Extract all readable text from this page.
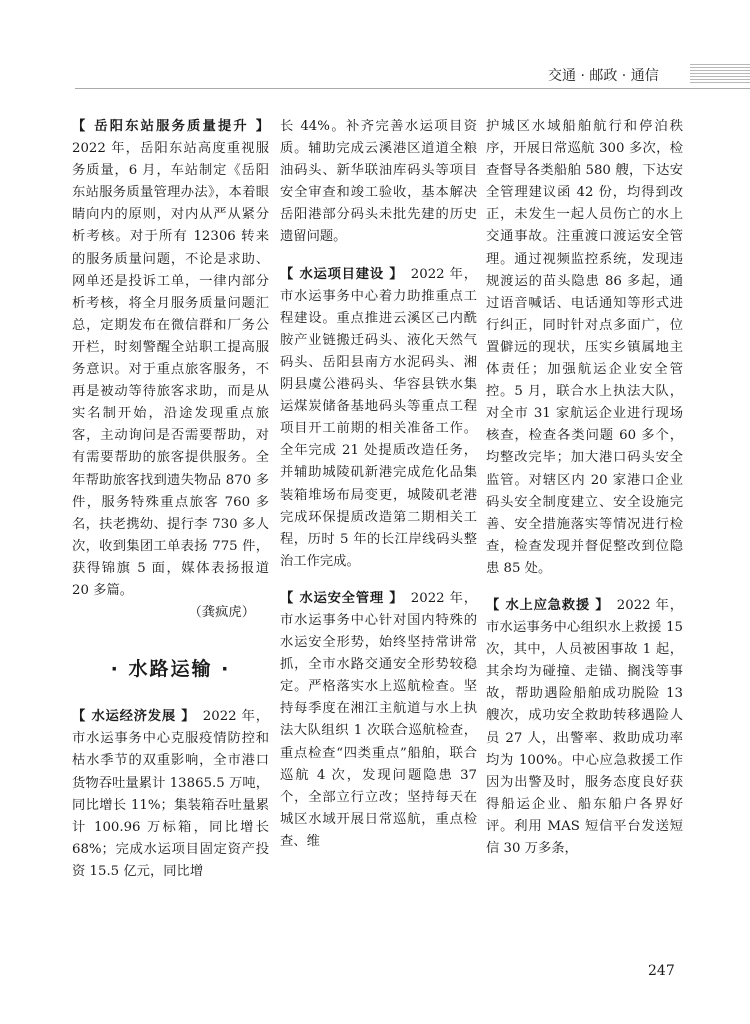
交通 · 邮政 · 通信

【 岳阳东站服务质量提升 】2022 年，岳阳东站高度重视服务质量，6 月，车站制定《岳阳东站服务质量管理办法》，本着眼睛向内的原则，对内从严从紧分析考核。对于所有 12306 转来的服务质量问题，不论是求助、网单还是投诉工单，一律内部分析考核，将全月服务质量问题汇总，定期发布在微信群和厂务公开栏，时刻警醒全站职工提高服务意识。对于重点旅客服务，不再是被动等待旅客求助，而是从实名制开始，沿途发现重点旅客，主动询问是否需要帮助，对有需要帮助的旅客提供服务。全年帮助旅客找到遗失物品 870 多件，服务特殊重点旅客 760 多名，扶老携幼、提行李 730 多人次，收到集团工单表扬 775 件，获得锦旗 5 面，媒体表扬报道 20 多篇。

（龚疯虎）

· 水路运输 ·

【 水运经济发展 】　 2022 年，市水运事务中心克服疫情防控和枯水季节的双重影响，全市港口货物吞吐量累计 13865.5 万吨，同比增长 11%；集装箱吞吐量累计 100.96 万标箱，同比增长 68%；完成水运项目固定资产投资 15.5 亿元，同比增

长 44%。补齐完善水运项目资质。辅助完成云溪港区道道全粮油码头、新华联油库码头等项目安全审查和竣工验收，基本解决岳阳港部分码头未批先建的历史遗留问题。

【 水运项目建设 】　 2022 年，市水运事务中心着力助推重点工程建设。重点推进云溪区己内酰胺产业链搬迁码头、液化天然气码头、岳阳县南方水泥码头、湘阴县虞公港码头、华容县铁水集运煤炭储备基地码头等重点工程项目开工前期的相关准备工作。全年完成 21 处提质改造任务，并辅助城陵矶新港完成危化品集装箱堆场布局变更，城陵矶老港完成环保提质改造第二期相关工程，历时 5 年的长江岸线码头整治工作完成。

【 水运安全管理 】　 2022 年，市水运事务中心针对国内特殊的水运安全形势，始终坚持常讲常抓，全市水路交通安全形势较稳定。严格落实水上巡航检查。坚持每季度在湘江主航道与水上执法大队组织 1 次联合巡航检查，重点检查“四类重点”船舶，联合巡航 4 次，发现问题隐患 37 个，全部立行立改；坚持每天在城区水域开展日常巡航，重点检查、维

护城区水域船舶航行和停泊秩序，开展日常巡航 300 多次，检查督导各类船舶 580 艘，下达安全管理建议函 42 份，均得到改正，未发生一起人员伤亡的水上交通事故。注重渡口渡运安全管理。通过视频监控系统，发现违规渡运的苗头隐患 86 多起，通过语音喊话、电话通知等形式进行纠正，同时针对点多面广，位置僻远的现状，压实乡镇属地主体责任；加强航运企业安全管控。5 月，联合水上执法大队，对全市 31 家航运企业进行现场核查，检查各类问题 60 多个，均整改完毕；加大港口码头安全监管。对辖区内 20 家港口企业码头安全制度建立、安全设施完善、安全措施落实等情况进行检查，检查发现并督促整改到位隐患 85 处。

【 水上应急救援 】　 2022 年，市水运事务中心组织水上救援 15 次，其中，人员被困事故 1 起，其余均为碰撞、走锚、搁浅等事故，帮助遇险船舶成功脱险 13 艘次，成功安全救助转移遇险人员 27 人，出警率、救助成功率均为 100%。中心应急救援工作因为出警及时，服务态度良好获得船运企业、船东船户各界好评。利用 MAS 短信平台发送短信 30 万多条，

247
